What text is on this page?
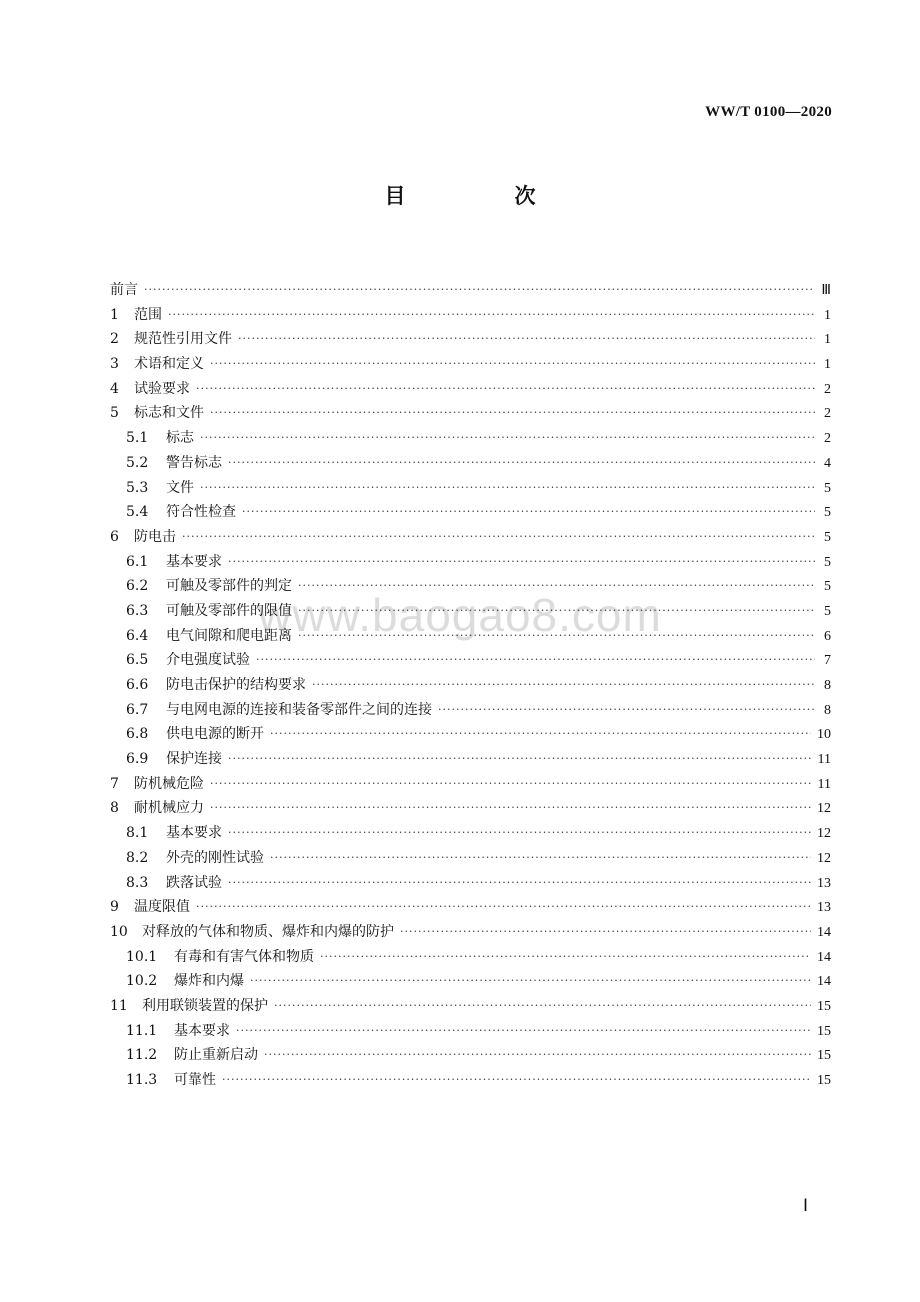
WW/T 0100—2020
目　次
www.baogao8.com
前言 ·····	Ⅲ
1	范围 ·····	1
2	规范性引用文件 ·····	1
3	术语和定义 ·····	1
4	试验要求 ·····	2
5	标志和文件 ·····	2
5.1	标志 ·····	2
5.2	警告标志 ·····	4
5.3	文件 ·····	5
5.4	符合性检查 ·····	5
6	防电击 ·····	5
6.1	基本要求 ·····	5
6.2	可触及零部件的判定 ·····	5
6.3	可触及零部件的限值 ·····	5
6.4	电气间隙和爬电距离 ·····	6
6.5	介电强度试验 ·····	7
6.6	防电击保护的结构要求 ·····	8
6.7	与电网电源的连接和装备零部件之间的连接 ·····	8
6.8	供电电源的断开 ·····	10
6.9	保护连接 ·····	11
7	防机械危险 ·····	11
8	耐机械应力 ·····	12
8.1	基本要求 ·····	12
8.2	外壳的刚性试验 ·····	12
8.3	跌落试验 ·····	13
9	温度限值 ·····	13
10	对释放的气体和物质、爆炸和内爆的防护 ·····	14
10.1	有毒和有害气体和物质 ·····	14
10.2	爆炸和内爆 ·····	14
11	利用联锁装置的保护 ·····	15
11.1	基本要求 ·····	15
11.2	防止重新启动 ·····	15
11.3	可靠性 ·····	15
Ⅰ
